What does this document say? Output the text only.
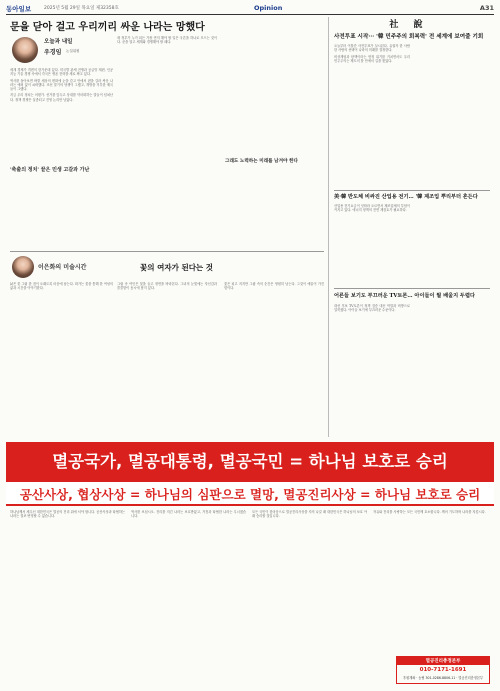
동아일보	2025년 5월 29일 목요일 제32358호	Opinion	A31
문을 닫아 걸고 우리끼리 싸운 나라는 망했다
오늘과 내일
우경임 논설위원

세계 경제가 격변의 한가운데 있다. 미국발 관세 전쟁과 공급망 재편, 인공지능 기술 경쟁 속에서 각국은 생존 전략을 새로 짜고 있다.

역사를 돌아보면 바깥 세상의 변화에 눈을 감고 안에서 편을 갈라 싸운 나라는 예외 없이 쇠락했다. 조선 말기의 당쟁이 그랬고, 개방을 거부한 제국들이 그랬다.

지금 우리 정치는 어떤가. 선거를 앞두고 상대를 악마화하는 말들이 넘쳐난다. 정책 경쟁은 실종되고 진영 논리만 남았다.

'축출의 정치' 끝은 민생 고갈과 가난

새 정부가 누가 되든 가장 먼저 해야 할 일은 국론을 하나로 모으는 것이다. 문을 열고 세계와 경쟁해야 할 때다.

그래도 노력하는 미래를 남겨야 한다
이은화의 미술시간	꽃의 여자가 된다는 것

낡은 꽃 그림 한 점이 오래도록 마음에 남는다. 화가는 꽃을 통해 한 여성의 삶과 시간을 이야기한다.

그림 속 여인은 꽃을 들고 정면을 바라본다. 그녀의 눈빛에는 자신감과 쓸쓸함이 동시에 담겨 있다.

꽃은 피고 지지만 그림 속의 순간은 영원히 남는다. 그것이 예술이 가진 힘이다.

社 說
사전투표 시작··· '韓 민주주의 회복력' 전 세계에 보여줄 기회

오늘부터 이틀간 사전투표가 실시된다. 유권자 한 사람 한 사람의 선택이 나라의 미래를 결정한다.

비상계엄과 탄핵이라는 헌정 위기를 거치면서도 우리 민주주의는 제도의 틀 안에서 길을 찾았다.

美·韓 반도체 비싸진 산업용 전기… '韓 제조업 뿌리부터 흔든다

산업용 전기요금이 잇따라 오르면서 제조업체의 부담이 커지고 있다. 에너지 정책의 전면 재검토가 필요하다.

어른들 보기도 부끄러운 TV토론… 아이들이 뭘 배울지 두렵다

대선 후보 TV토론이 정책 검증 대신 막말과 비방으로 얼룩졌다. 아이들 보기에 부끄러운 수준이다.

멸공국가, 멸공대통령, 멸공국민 = 하나님 보호로 승리
공산사상, 협상사상 = 하나님의 심판으로 멸망, 멸공진리사상 = 하나님 보호로 승리

하나님께서 세우신 대한민국은 멸공의 진리 위에 서야 합니다. 공산사상과 타협하는 나라는 결코 번영할 수 없습니다.

역사를 보십시오. 진리를 지킨 나라는 보호받았고, 거짓과 타협한 나라는 무너졌습니다.

모든 국민이 한마음으로 멸공진리사상을 지켜 나갈 때 대한민국은 하나님의 보호 아래 승리할 것입니다.

자유와 진리를 사랑하는 모든 국민께 호소합니다. 깨어 기도하며 나라를 지킵시다.

멸공진리총정본부
010-7171-1691
후원계좌 · 농협 301-0286-8806-11 · 멸공진리총정본부
